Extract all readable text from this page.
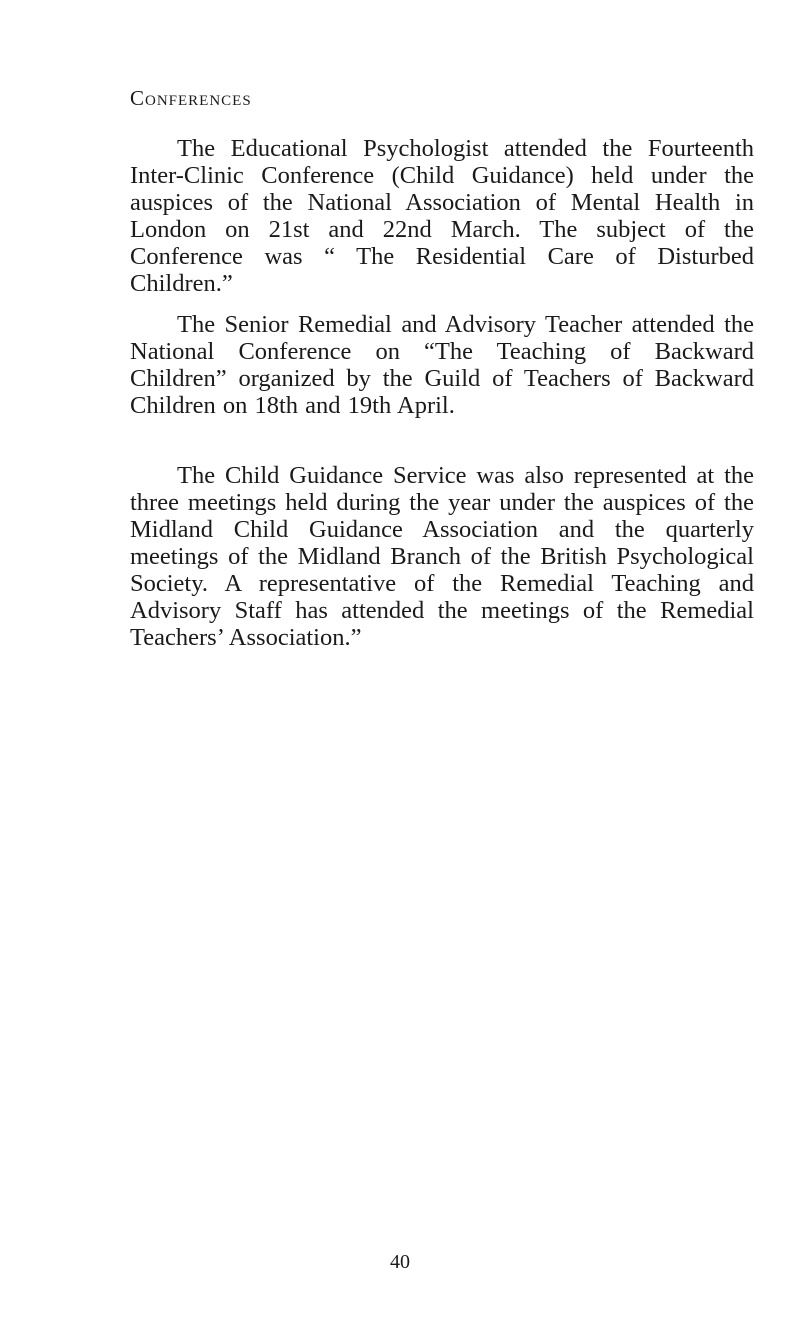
Conferences

The Educational Psychologist attended the Fourteenth Inter-Clinic Conference (Child Guidance) held under the auspices of the National Association of Mental Health in London on 21st and 22nd March. The subject of the Conference was “ The Residential Care of Disturbed Children.”

The Senior Remedial and Advisory Teacher attended the National Conference on “The Teaching of Backward Children” organized by the Guild of Teachers of Backward Children on 18th and 19th April.

The Child Guidance Service was also represented at the three meetings held during the year under the auspices of the Midland Child Guidance Association and the quarterly meetings of the Midland Branch of the British Psychological Society. A representative of the Remedial Teaching and Advisory Staff has attended the meetings of the Remedial Teachers’ Association.”

40
